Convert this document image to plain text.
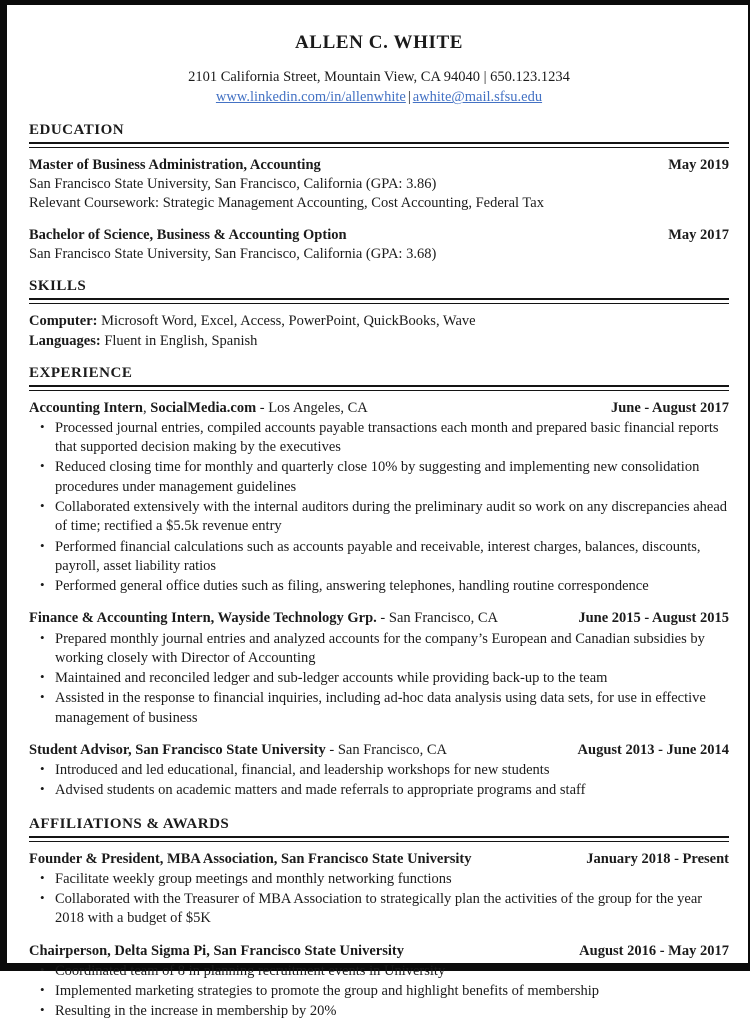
ALLEN C. WHITE
2101 California Street, Mountain View, CA 94040 | 650.123.1234
www.linkedin.com/in/allenwhite | awhite@mail.sfsu.edu
EDUCATION
Master of Business Administration, Accounting	May 2019
San Francisco State University, San Francisco, California (GPA: 3.86)
Relevant Coursework: Strategic Management Accounting, Cost Accounting, Federal Tax
Bachelor of Science, Business & Accounting Option	May 2017
San Francisco State University, San Francisco, California (GPA: 3.68)
SKILLS
Computer: Microsoft Word, Excel, Access, PowerPoint, QuickBooks, Wave
Languages: Fluent in English, Spanish
EXPERIENCE
Accounting Intern, SocialMedia.com - Los Angeles, CA	June - August 2017
• Processed journal entries, compiled accounts payable transactions each month and prepared basic financial reports that supported decision making by the executives
• Reduced closing time for monthly and quarterly close 10% by suggesting and implementing new consolidation procedures under management guidelines
• Collaborated extensively with the internal auditors during the preliminary audit so work on any discrepancies ahead of time; rectified a $5.5k revenue entry
• Performed financial calculations such as accounts payable and receivable, interest charges, balances, discounts, payroll, asset liability ratios
• Performed general office duties such as filing, answering telephones, handling routine correspondence
Finance & Accounting Intern, Wayside Technology Grp. - San Francisco, CA	June 2015 - August 2015
• Prepared monthly journal entries and analyzed accounts for the company’s European and Canadian subsidies by working closely with Director of Accounting
• Maintained and reconciled ledger and sub-ledger accounts while providing back-up to the team
• Assisted in the response to financial inquiries, including ad-hoc data analysis using data sets, for use in effective management of business
Student Advisor, San Francisco State University - San Francisco, CA	August 2013 - June 2014
• Introduced and led educational, financial, and leadership workshops for new students
• Advised students on academic matters and made referrals to appropriate programs and staff
AFFILIATIONS & AWARDS
Founder & President, MBA Association, San Francisco State University	January 2018 - Present
• Facilitate weekly group meetings and monthly networking functions
• Collaborated with the Treasurer of MBA Association to strategically plan the activities of the group for the year 2018 with a budget of $5K
Chairperson, Delta Sigma Pi, San Francisco State University	August 2016 - May 2017
• Coordinated team of 8 in planning recruitment events in University
• Implemented marketing strategies to promote the group and highlight benefits of membership
• Resulting in the increase in membership by 20%
